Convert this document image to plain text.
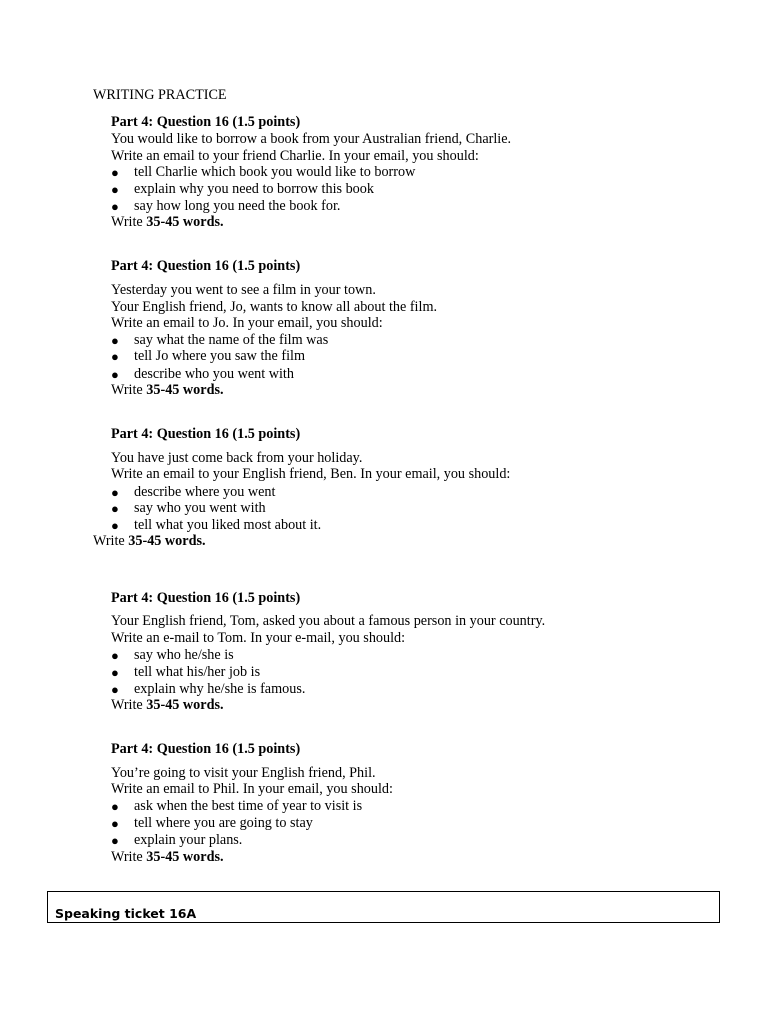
WRITING PRACTICE
Part 4: Question 16 (1.5 points)
You would like to borrow a book from your Australian friend, Charlie.
Write an email to your friend Charlie. In your email, you should:
● tell Charlie which book you would like to borrow
● explain why you need to borrow this book
● say how long you need the book for.
Write 35-45 words.
Part 4: Question 16 (1.5 points)
Yesterday you went to see a film in your town.
Your English friend, Jo, wants to know all about the film.
Write an email to Jo. In your email, you should:
● say what the name of the film was
● tell Jo where you saw the film
● describe who you went with
Write 35-45 words.
Part 4: Question 16 (1.5 points)
You have just come back from your holiday.
Write an email to your English friend, Ben. In your email, you should:
● describe where you went
● say who you went with
● tell what you liked most about it.
Write 35-45 words.
Part 4: Question 16 (1.5 points)
Your English friend, Tom, asked you about a famous person in your country.
Write an e-mail to Tom. In your e-mail, you should:
● say who he/she is
● tell what his/her job is
● explain why he/she is famous.
Write 35-45 words.
Part 4: Question 16 (1.5 points)
You’re going to visit your English friend, Phil.
Write an email to Phil. In your email, you should:
● ask when the best time of year to visit is
● tell where you are going to stay
● explain your plans.
Write 35-45 words.
Speaking ticket 16A
